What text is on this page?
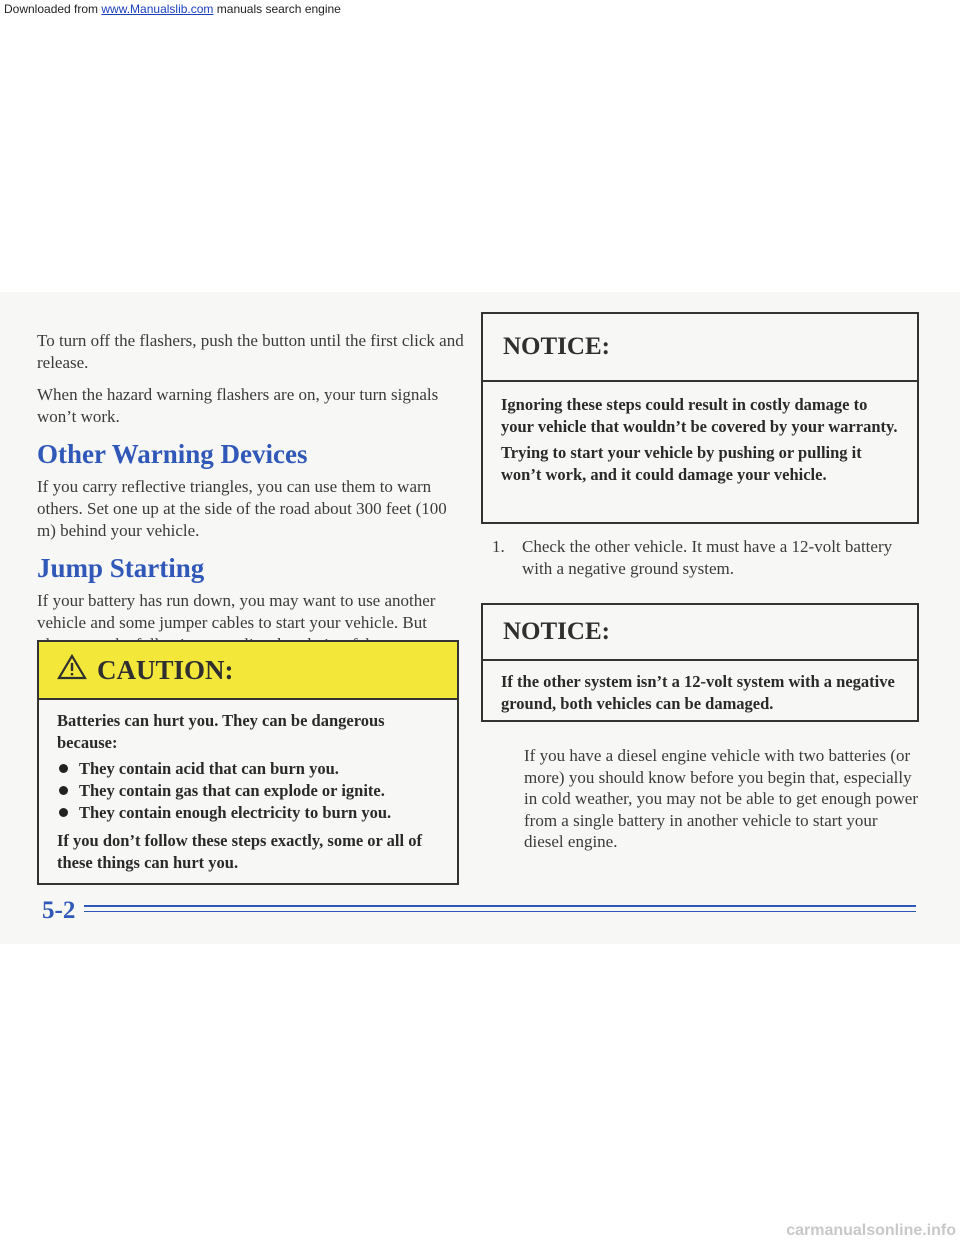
To turn off the flashers, push the button until the first click and release.

When the hazard warning flashers are on, your turn signals won’t work.

Other Warning Devices

If you carry reflective triangles, you can use them to warn others. Set one up at the side of the road about 300 feet (100 m) behind your vehicle.

Jump Starting

If your battery has run down, you may want to use another vehicle and some jumper cables to start your vehicle. But

CAUTION:

Batteries can hurt you. They can be dangerous because:

They contain acid that can burn you.
They contain gas that can explode or ignite.
They contain enough electricity to burn you.

If you don’t follow these steps exactly, some or all of these things can hurt you.

NOTICE:

Ignoring these steps could result in costly damage to your vehicle that wouldn’t be covered by your warranty.

Trying to start your vehicle by pushing or pulling it won’t work, and it could damage your vehicle.

1.	Check the other vehicle. It must have a 12-volt battery with a negative ground system.
NOTICE:

If the other system isn’t a 12-volt system with a negative ground, both vehicles can be damaged.

If you have a diesel engine vehicle with two batteries (or more) you should know before you begin that, especially in cold weather, you may not be able to get enough power from a single battery in another vehicle to start your diesel engine.

5-2
Downloaded from www.Manualslib.com manuals search engine
carmanualsonline.info
